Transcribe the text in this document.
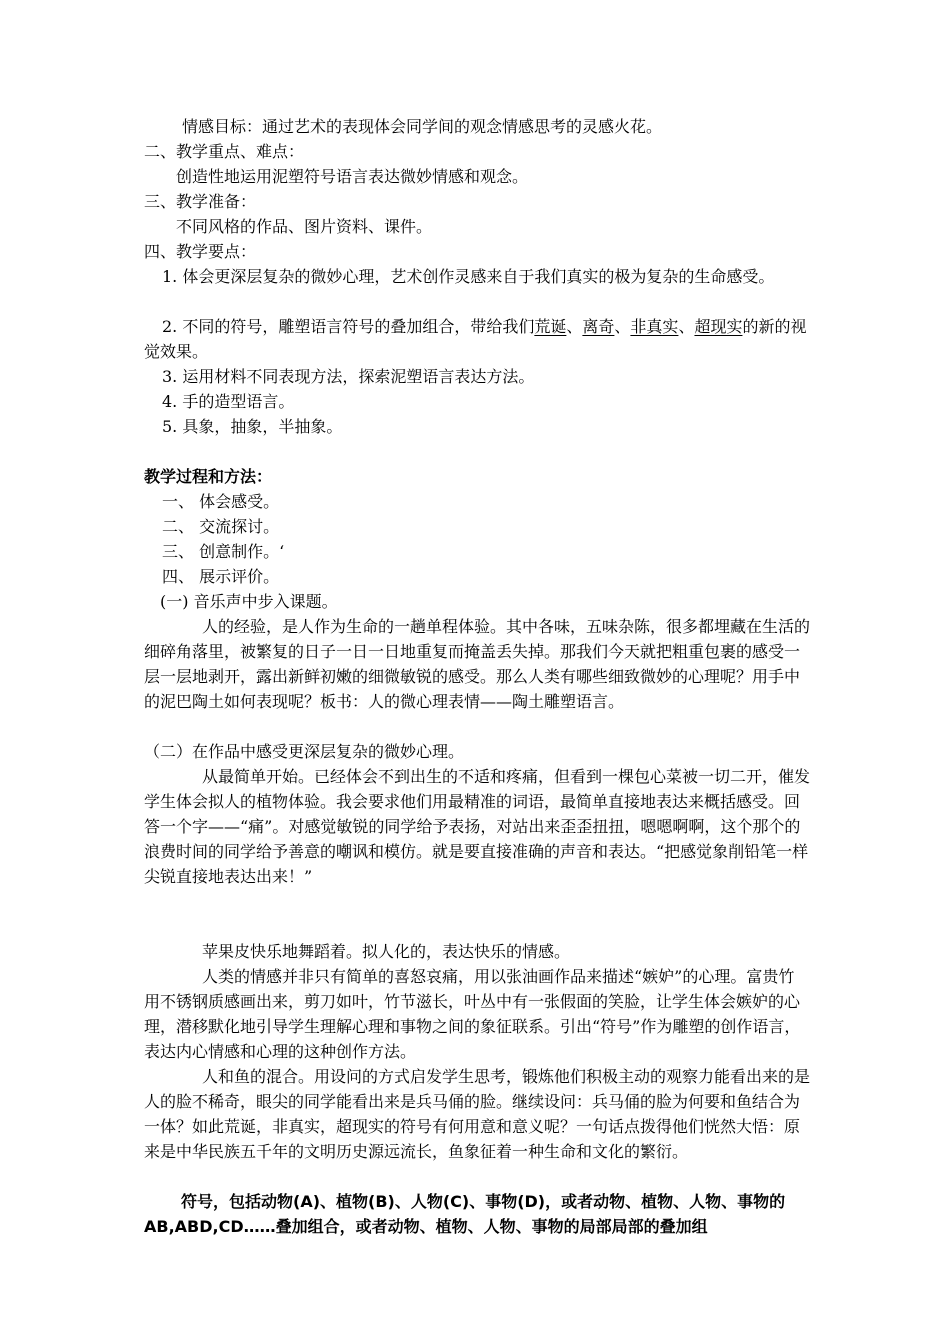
情感目标：通过艺术的表现体会同学间的观念情感思考的灵感火花。

二、教学重点、难点：

创造性地运用泥塑符号语言表达微妙情感和观念。

三、教学准备：

不同风格的作品、图片资料、课件。

四、教学要点：

1. 体会更深层复杂的微妙心理，艺术创作灵感来自于我们真实的极为复杂的生命感受。

2. 不同的符号，雕塑语言符号的叠加组合，带给我们荒诞、离奇、非真实、超现实的新的视觉效果。

3. 运用材料不同表现方法，探索泥塑语言表达方法。

4. 手的造型语言。

5. 具象，抽象，半抽象。

教学过程和方法：

一、 体会感受。

二、 交流探讨。

三、 创意制作。‘

四、 展示评价。

(一) 音乐声中步入课题。

人的经验，是人作为生命的一趟单程体验。其中各味，五味杂陈，很多都埋藏在生活的细碎角落里，被繁复的日子一日一日地重复而掩盖丢失掉。那我们今天就把粗重包裹的感受一层一层地剥开，露出新鲜初嫩的细微敏锐的感受。那么人类有哪些细致微妙的心理呢？用手中的泥巴陶土如何表现呢？板书：人的微心理表情——陶土雕塑语言。

（二）在作品中感受更深层复杂的微妙心理。

从最简单开始。已经体会不到出生的不适和疼痛，但看到一棵包心菜被一切二开，催发学生体会拟人的植物体验。我会要求他们用最精准的词语，最简单直接地表达来概括感受。回答一个字——“痛”。对感觉敏锐的同学给予表扬，对站出来歪歪扭扭，嗯嗯啊啊，这个那个的浪费时间的同学给予善意的嘲讽和模仿。就是要直接准确的声音和表达。“把感觉象削铅笔一样尖锐直接地表达出来！”

苹果皮快乐地舞蹈着。拟人化的，表达快乐的情感。

人类的情感并非只有简单的喜怒哀痛，用以张油画作品来描述“嫉妒”的心理。富贵竹用不锈钢质感画出来，剪刀如叶，竹节滋长，叶丛中有一张假面的笑脸，让学生体会嫉妒的心理，潜移默化地引导学生理解心理和事物之间的象征联系。引出“符号”作为雕塑的创作语言，表达内心情感和心理的这种创作方法。

人和鱼的混合。用设问的方式启发学生思考，锻炼他们积极主动的观察力能看出来的是人的脸不稀奇，眼尖的同学能看出来是兵马俑的脸。继续设问：兵马俑的脸为何要和鱼结合为一体？如此荒诞，非真实，超现实的符号有何用意和意义呢？一句话点拨得他们恍然大悟：原来是中华民族五千年的文明历史源远流长，鱼象征着一种生命和文化的繁衍。

符号，包括动物(A)、植物(B)、人物(C)、事物(D)，或者动物、植物、人物、事物的AB,ABD,CD……叠加组合，或者动物、植物、人物、事物的局部局部的叠加组
